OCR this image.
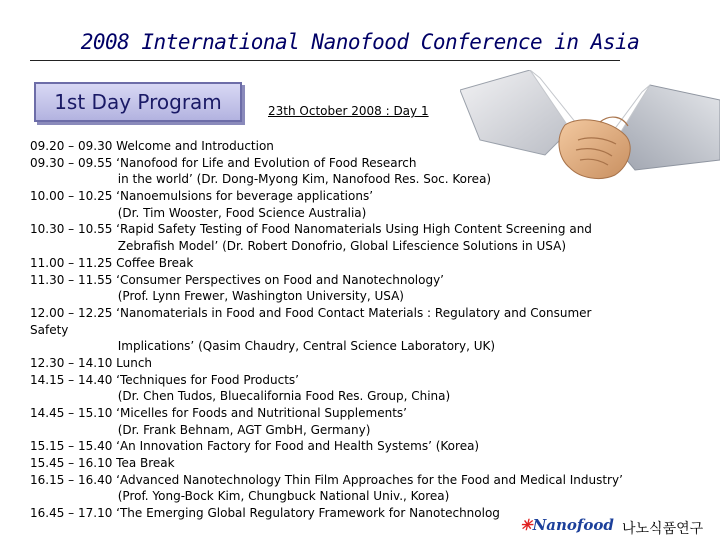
2008 International Nanofood Conference in Asia
1st Day Program	23th October 2008 : Day 1
09.20 – 09.30 Welcome and Introduction
09.30 – 09.55 ‘Nanofood for Life and Evolution of Food Research
in the world’ (Dr. Dong-Myong Kim, Nanofood Res. Soc. Korea)
10.00 – 10.25 ‘Nanoemulsions for beverage applications’
(Dr. Tim Wooster, Food Science Australia)
10.30 – 10.55 ‘Rapid Safety Testing of Food Nanomaterials Using High Content Screening and
Zebrafish Model’ (Dr. Robert Donofrio, Global Lifescience Solutions in USA)
11.00 – 11.25 Coffee Break
11.30 – 11.55 ‘Consumer Perspectives on Food and Nanotechnology’
(Prof. Lynn Frewer, Washington University, USA)
12.00 – 12.25 ‘Nanomaterials in Food and Food Contact Materials : Regulatory and Consumer
Safety
Implications’ (Qasim Chaudry, Central Science Laboratory, UK)
12.30 – 14.10 Lunch
14.15 – 14.40 ‘Techniques for Food Products’
(Dr. Chen Tudos, Bluecalifornia Food Res. Group, China)
14.45 – 15.10 ‘Micelles for Foods and Nutritional Supplements’
(Dr. Frank Behnam, AGT GmbH, Germany)
15.15 – 15.40 ‘An Innovation Factory for Food and Health Systems’ (Korea)
15.45 – 16.10 Tea Break
16.15 – 16.40 ‘Advanced Nanotechnology Thin Film Approaches for the Food and Medical Industry’
(Prof. Yong-Bock Kim, Chungbuck National Univ., Korea)
16.45 – 17.10 ‘The Emerging Global Regulatory Framework for Nanotechnolog
✳Nanofood 나노식품연구
